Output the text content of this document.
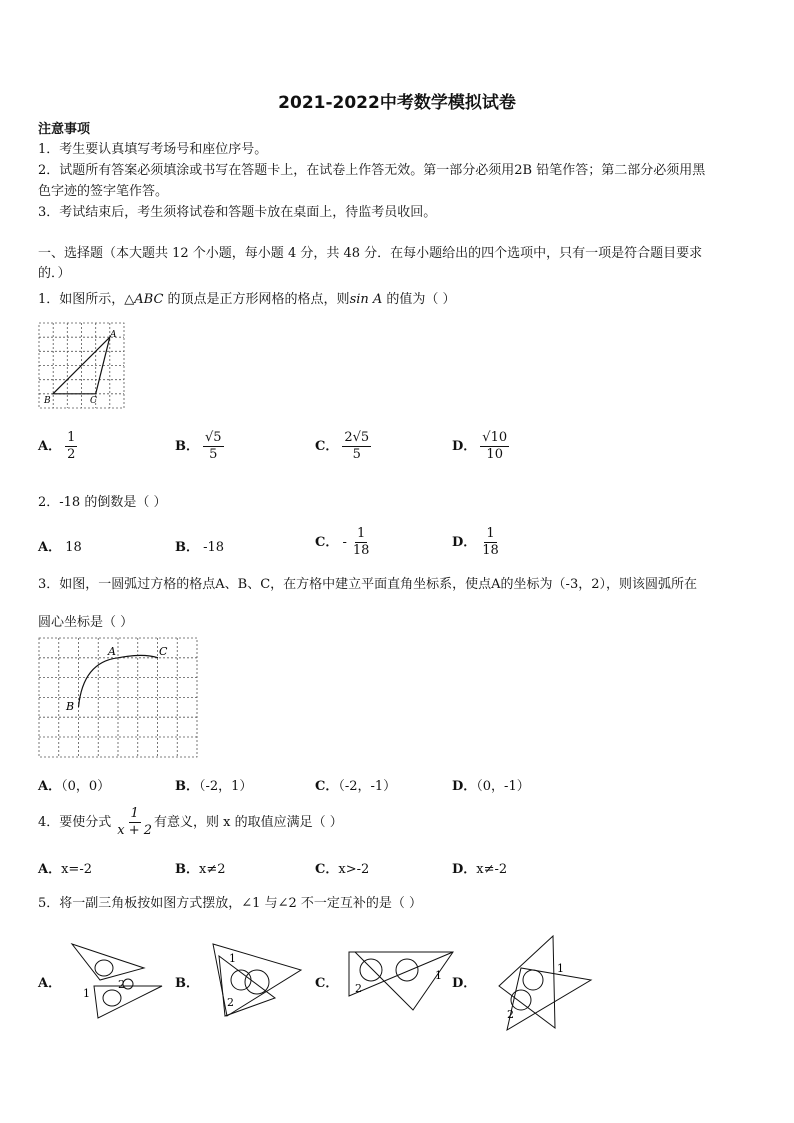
2021-2022中考数学模拟试卷
注意事项
1．考生要认真填写考场号和座位序号。
2．试题所有答案必须填涂或书写在答题卡上，在试卷上作答无效。第一部分必须用2B 铅笔作答；第二部分必须用黑
色字迹的签字笔作答。
3．考试结束后，考生须将试卷和答题卡放在桌面上，待监考员收回。
一、选择题（本大题共 12 个小题，每小题 4 分，共 48 分．在每小题给出的四个选项中，只有一项是符合题目要求
的．）
1．如图所示，△ABC 的顶点是正方形网格的格点，则sin A 的值为（ ）
A
B	C
A． $\frac{1}{2}$	B． $\frac{√5}{5}$	C． $\frac{2√5}{5}$	D． $\frac{√10}{10}$
2．-18 的倒数是（ ）
A． 18	B． -18	C． - $\frac{1}{18}$	D． $\frac{1}{18}$
3．如图，一圆弧过方格的格点A、B、C，在方格中建立平面直角坐标系，使点A的坐标为（-3，2），则该圆弧所在
圆心坐标是（ ）
A
B
C
A．（0，0）	B．（-2，1）	C．（-2，-1）	D．（0，-1）
4．要使分式 $\frac{1}{x + 2}$ 有意义，则 x 的取值应满足（ ）
A．x=-2	B．x≠2	C．x>-2	D．x≠-2
5．将一副三角板按如图方式摆放，∠1 与∠2 不一定互补的是（ ）
A．
1
2	B．
1
2
C． 2
1
D．
1
2
